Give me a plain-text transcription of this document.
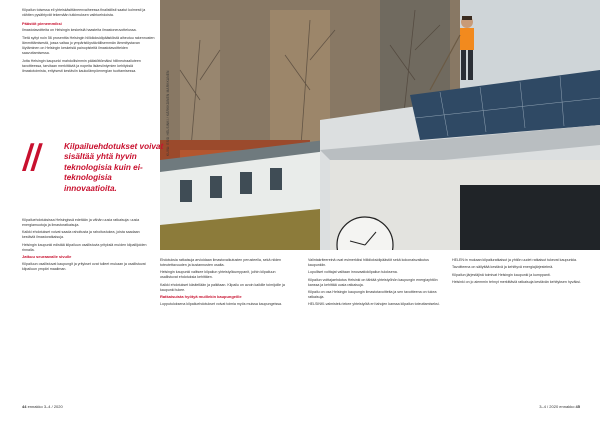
KUVA: ESSI HELSINKI / KÄRKKÄINEN MARKKANEN

Kilpailun toisessa eli yhteiskäsittäneenvaiheessa finalistilisti saatut kolmesti ja vähiten pysähtyvät tekemään tutkimuksen vaihtoehdoista.

Päästöt pienemmiksi

Ilmastotavoitteita on Helsingin keskeisiä haasteita ilmastoneuvottelussa.

Tietä syityt noin 56 prosenttia Helsingin hiilidioksidipäästöistä aiheutuu rakennusten lämmittämisestä, jossa valtaa jo ympäristöystävällisemmän lämmitystavan löytäminen on Helsingin keskeisiä painopisteitä ilmastotavoitteiden saavuttamisessa.

Jotta Helsingin kaupunki mahdollisimmin päästöttömäksi hiilineutraaliuteen tavoitteessa, tarvitaan merkittäviä ja nopeita lisäesiintymien kehityksiä ilmastotoimista, erityisesti kestäviin kaukolämpöenergian tuottamisessa.

//	Kilpailuehdotukset voivat sisältää yhtä hyvin teknologisia kuin ei-teknologisia innovaatioita.

Kilpailuehdotuksissa Helsingissä edetään ja vähän uusia ratkaisuja: uusia energiamuotoja ja ilmastoratkaisuja.

Kaikki ehdotukset voivat saada rahoitusta ja rahoitustukea, joista saadaan kestäviä ilmastoratkaisuja.

Helsingin kaupunki edistää kilpailuun osallistuvia yrityksiä muiden kilpailijoiden rinnalla.

Jatkuu seuraavalle sivulle

Kilpailuun osallistuvat kaupungit ja yritykset ovat tulleet mukaan ja osallistuvat kilpailuun ympäri maailman.

Ehdotuksia ratkaisuja arvioidaan ilmastovaikutusten perusteella, sekä niiden toteutettavuuden ja kustannusten osalta.

Helsingin kaupunki valitsee kilpailun yhteistyökumppanit, joihin kilpailuun osallistuvat ehdotuksia kehittäen.

Kaikki ehdotukset käsitellään ja palkitaan. Kilpailu on avoin kaikille toimijoille ja kaupunki tukee.

Ratkaisuista hyötyä muillekin kaupungeille

Lopputuloksena kilpailuehdotukset voivat toimia myös muissa kaupungeissa.

Valintakriteereinä ovat esimerkiksi hiilidioksidipäästöt sekä kokonaisvaikutus kaupunkiin.

Lopulliset voittajat valitaan innovaatiokilpailun tuloksena.

Kilpailun voittajaehdotus Helsinki on tähtää yhteistyöhön kaupungin energiayhtiön kanssa ja kehittää uusia ratkaisuja.

Kilpailu on osa Helsingin kaupungin ilmastotavoitteita ja sen tavoitteena on tukea ratkaisuja.

HELSINKI-valmistelu tekee yhteistyötä eri tahojen kanssa kilpailun toteuttamiseksi.

HELEN:in mukaan kilpailuratkaisut ja yhtiön uudet ratkaisut tukevat kaupunkia.

Tavoitteena on säilyttää kestävä ja kehittyvä energiajärjestelmä.

Kilpailun järjestäjinä toimivat Helsingin kaupunki ja kumppanit.

Helsinki on jo aiemmin tehnyt merkittäviä ratkaisuja kestävän kehityksen hyväksi.

44 ennakko 3–4 / 2020	3–4 / 2020 ennakko 45
